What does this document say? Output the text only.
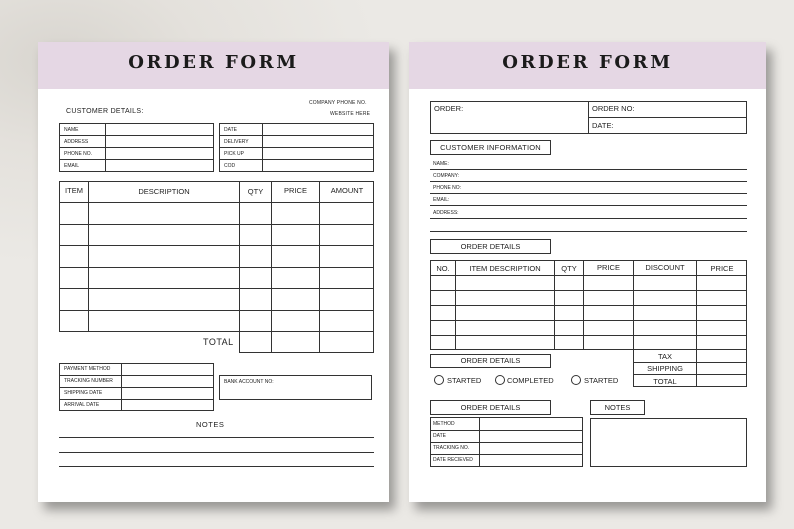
ORDER FORM
COMPANY PHONE NO.
WEBSITE HERE
CUSTOMER DETAILS:
NAME
ADDRESS
PHONE NO.
EMAIL
DATE
DELIVERY
PICK UP
COD
ITEM	DESCRIPTION	QTY	PRICE	AMOUNT
TOTAL
PAYMENT METHOD
TRACKING NUMBER
SHIPPING DATE
ARRIVAL DATE
BANK ACCOUNT NO:
NOTES
ORDER FORM
ORDER:	ORDER NO:
DATE:
CUSTOMER INFORMATION
NAME:
COMPANY:
PHONE NO:
EMAIL:
ADDRESS:
ORDER DETAILS
NO.	ITEM DESCRIPTION	QTY	PRICE	DISCOUNT	PRICE
TAX
SHIPPING
TOTAL
ORDER DETAILS
STARTED	COMPLETED	STARTED
ORDER DETAILS
METHOD
DATE
TRACKING NO.
DATE RECIEVED
NOTES
